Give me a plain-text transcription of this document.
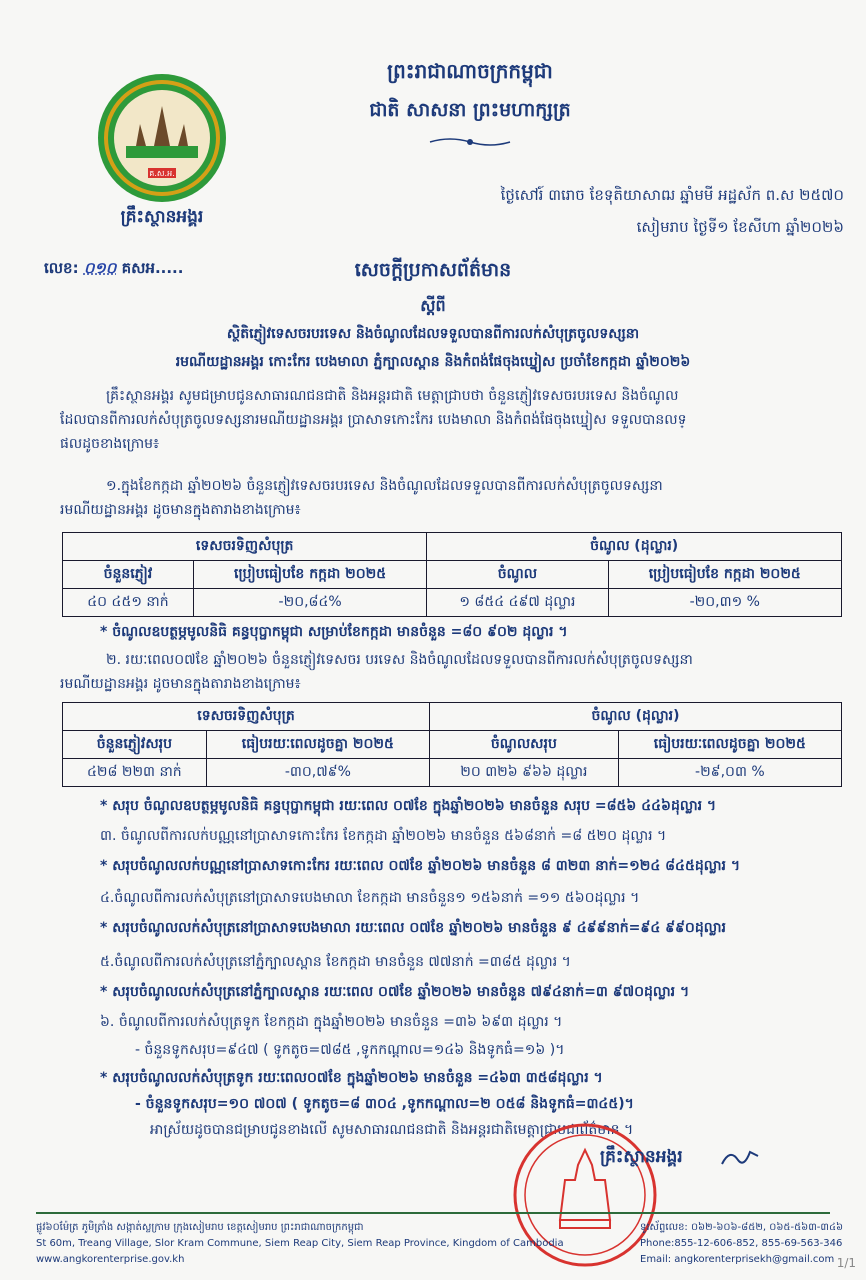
គ.ស.អ.
គ្រឹះស្ថានអង្គរ
ព្រះរាជាណាចក្រកម្ពុជា
ជាតិ សាសនា ព្រះមហាក្សត្រ
ថ្ងៃសៅរ៍ ៣រោច ខែទុតិយាសាឍ ឆ្នាំមមី អដ្ឋស័ក ព.ស ២៥៧០
សៀមរាប ថ្ងៃទី១ ខែសីហា ឆ្នាំ២០២៦
លេខ: ០១០ គសអ.....	សេចក្តីប្រកាសព័ត៌មាន
ស្តីពី
ស្ថិតិភ្ញៀវទេសចរបរទេស និងចំណូលដែលទទួលបានពីការលក់សំបុត្រចូលទស្សនា
រមណីយដ្ឋានអង្គរ កោះកែរ បេងមាលា ភ្នំក្បាលស្ពាន និងកំពង់ផែចុងឃ្នៀស ប្រចាំខែកក្កដា ឆ្នាំ២០២៦
គ្រឹះស្ថានអង្គរ សូមជម្រាបជូនសាធារណជនជាតិ និងអន្តរជាតិ មេត្តាជ្រាបថា ចំនួនភ្ញៀវទេសចរបរទេស និងចំណូល
ដែលបានពីការលក់សំបុត្រចូលទស្សនារមណីយដ្ឋានអង្គរ ប្រាសាទកោះកែរ បេងមាលា និងកំពង់ផែចុងឃ្នៀស ទទួលបានលទ្
ផលដូចខាងក្រោម៖
១.ក្នុងខែកក្កដា ឆ្នាំ២០២៦ ចំនួនភ្ញៀវទេសចរបរទេស និងចំណូលដែលទទួលបានពីការលក់សំបុត្រចូលទស្សនា
រមណីយដ្ឋានអង្គរ ដូចមានក្នុងតារាងខាងក្រោម៖
ទេសចរទិញសំបុត្រ		ចំណូល (ដុល្លារ)	
ចំនួនភ្ញៀវ	ប្រៀបធៀបខែ កក្កដា ២០២៥	ចំណូល	ប្រៀបធៀបខែ កក្កដា ២០២៥
៤០ ៤៥១ នាក់	-២០,៨៤%	១ ៨៥៤ ៤៩៧ ដុល្លារ	-២០,៣១ %
* ចំណូលឧបត្ថម្ភមូលនិធិ គន្ធបុប្ផាកម្ពុជា សម្រាប់ខែកក្កដា មានចំនួន =៨០ ៩០២ ដុល្លារ ។
២. រយៈពេល០៧ខែ ឆ្នាំ២០២៦ ចំនួនភ្ញៀវទេសចរ បរទេស និងចំណូលដែលទទួលបានពីការលក់សំបុត្រចូលទស្សនា
រមណីយដ្ឋានអង្គរ ដូចមានក្នុងតារាងខាងក្រោម៖
ទេសចរទិញសំបុត្រ		ចំណូល (ដុល្លារ)	
ចំនួនភ្ញៀវសរុប	ធៀបរយៈពេលដូចគ្នា ២០២៥	ចំណូលសរុប	ធៀបរយៈពេលដូចគ្នា ២០២៥
៤២៨ ២២៣ នាក់	-៣០,៧៩%	២០ ៣២៦ ៩៦៦ ដុល្លារ	-២៩,០៣ %
* សរុប ចំណូលឧបត្ថម្ភមូលនិធិ គន្ធបុប្ផាកម្ពុជា រយៈពេល ០៧ខែ ក្នុងឆ្នាំ២០២៦ មានចំនួន សរុប =៨៥៦ ៤៤៦ដុល្លារ ។
៣. ចំណូលពីការលក់បណ្ណនៅប្រាសាទកោះកែរ ខែកក្កដា ឆ្នាំ២០២៦ មានចំនួន ៥៦៨នាក់ =៨ ៥២០ ដុល្លារ ។
* សរុបចំណូលលក់បណ្ណនៅប្រាសាទកោះកែរ រយៈពេល ០៧ខែ ឆ្នាំ២០២៦ មានចំនួន ៨ ៣២៣ នាក់=១២៤ ៨៤៥ដុល្លារ ។
៤.ចំណូលពីការលក់សំបុត្រនៅប្រាសាទបេងមាលា ខែកក្កដា មានចំនួន១ ១៥៦នាក់ =១១ ៥៦០ដុល្លារ ។
* សរុបចំណូលលក់សំបុត្រនៅប្រាសាទបេងមាលា រយៈពេល ០៧ខែ ឆ្នាំ២០២៦ មានចំនួន ៩ ៤៩៩នាក់=៩៤ ៩៩០ដុល្លារ
៥.ចំណូលពីការលក់សំបុត្រនៅភ្នំក្បាលស្ពាន ខែកក្កដា មានចំនួន ៧៧នាក់ =៣៨៥ ដុល្លារ ។
* សរុបចំណូលលក់សំបុត្រនៅភ្នំក្បាលស្ពាន រយៈពេល ០៧ខែ ឆ្នាំ២០២៦ មានចំនួន ៧៩៤នាក់=៣ ៩៧០ដុល្លារ ។
៦. ចំណូលពីការលក់សំបុត្រទូក ខែកក្កដា ក្នុងឆ្នាំ២០២៦ មានចំនួន =៣៦ ៦៩៣ ដុល្លារ ។
- ចំនួនទូកសរុប=៩៤៧ ( ទូកតូច=៧៨៥ ,ទូកកណ្តាល=១៤៦ និងទូកធំ=១៦ )។
* សរុបចំណូលលក់សំបុត្រទូក រយៈពេល០៧ខែ ក្នុងឆ្នាំ២០២៦ មានចំនួន =៤៦៣ ៣៥៨ដុល្លារ ។
- ចំនួនទូកសរុប=១០ ៧០៧ ( ទូកតូច=៨ ៣០៤ ,ទូកកណ្តាល=២ ០៥៨ និងទូកធំ=៣៤៥)។
អាស្រ័យដូចបានជម្រាបជូនខាងលើ សូមសាធារណជនជាតិ និងអន្តរជាតិមេត្តាជ្រាបជាព័ត៌មាន ។
គ្រឹះស្ថានអង្គរ
ផ្លូវ៦០ម៉ែត្រ ភូមិត្រាំង សង្កាត់ស្លក្រាម ក្រុងសៀមរាប ខេត្តសៀមរាប ព្រះរាជាណាចក្រកម្ពុជា
St 60m, Treang Village, Slor Kram Commune, Siem Reap City, Siem Reap Province, Kingdom of Cambodia
www.angkorenterprise.gov.kh
ទូរស័ព្ទលេខ: ០៦២-៦០៦-៨៥២, ០៦៥-៥៦៣-៣៤៦
Phone:855-12-606-852, 855-69-563-346
Email: angkorenterprisekh@gmail.com 1/1
